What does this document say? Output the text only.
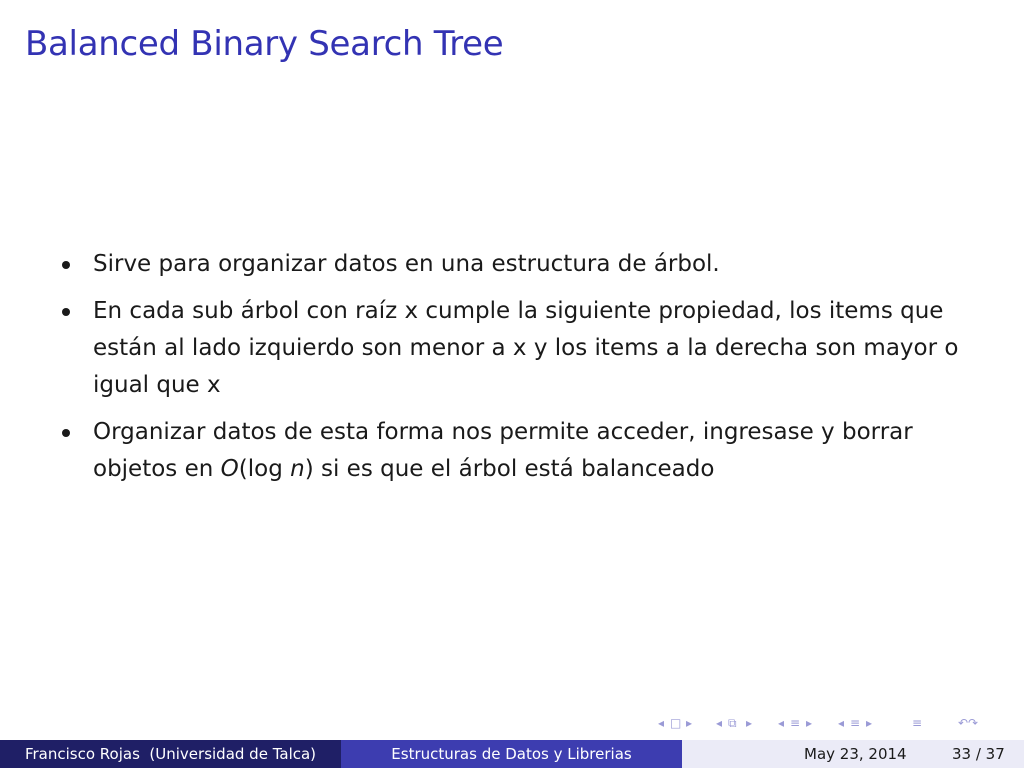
Balanced Binary Search Tree
Sirve para organizar datos en una estructura de árbol.
En cada sub árbol con raíz x cumple la siguiente propiedad, los items que están al lado izquierdo son menor a x y los items a la derecha son mayor o igual que x
Organizar datos de esta forma nos permite acceder, ingresase y borrar objetos en O(log n) si es que el árbol está balanceado
◂ □ ▸ ◂ ⧉ ▸ ◂ ≡ ▸ ◂ ≡ ▸	≡	↶↷
Francisco Rojas  (Universidad de Talca)	Estructuras de Datos y Librerias	May 23, 2014	33 / 37
